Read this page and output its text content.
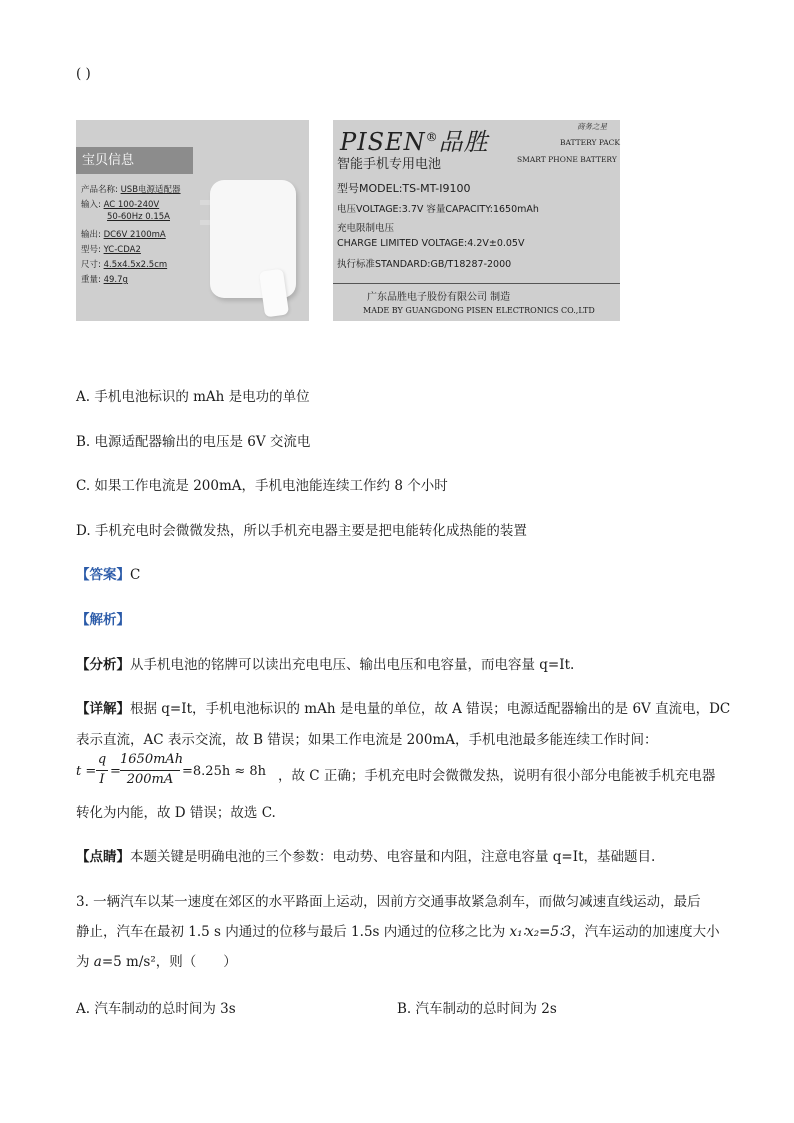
( )
宝贝信息
产品名称: USB电源适配器
输入: AC 100-240V
50-60Hz 0.15A
输出: DC6V 2100mA
型号: YC-CDA2
尺寸: 4.5x4.5x2.5cm
重量: 49.7g
PISEN®品胜
商务之星
BATTERY PACK
SMART PHONE BATTERY
智能手机专用电池
型号MODEL:TS-MT-I9100
电压VOLTAGE:3.7V 容量CAPACITY:1650mAh
充电限制电压
CHARGE LIMITED VOLTAGE:4.2V±0.05V
执行标准STANDARD:GB/T18287-2000
广东品胜电子股份有限公司 制造
MADE BY GUANGDONG PISEN ELECTRONICS CO.,LTD
A. 手机电池标识的 mAh 是电功的单位
B. 电源适配器输出的电压是 6V 交流电
C. 如果工作电流是 200mA，手机电池能连续工作约 8 个小时
D. 手机充电时会微微发热，所以手机充电器主要是把电能转化成热能的装置
【答案】C
【解析】
【分析】从手机电池的铭牌可以读出充电电压、输出电压和电容量，而电容量 q=It.
【详解】根据 q=It，手机电池标识的 mAh 是电量的单位，故 A 错误；电源适配器输出的是 6V 直流电，DC
表示直流，AC 表示交流，故 B 错误；如果工作电流是 200mA，手机电池最多能连续工作时间：
t =
q
I
=
1650mAh
200mA
=8.25h ≈ 8h ，故 C 正确；手机充电时会微微发热，说明有很小部分电能被手机充电器
转化为内能，故 D 错误；故选 C.
【点睛】本题关键是明确电池的三个参数：电动势、电容量和内阻，注意电容量 q=It，基础题目.
3. 一辆汽车以某一速度在郊区的水平路面上运动，因前方交通事故紧急刹车，而做匀减速直线运动，最后
静止，汽车在最初 1.5 s 内通过的位移与最后 1.5s 内通过的位移之比为 x₁∶x₂=5∶3，汽车运动的加速度大小
为 a=5 m/s²，则（　　）
A. 汽车制动的总时间为 3s	B. 汽车制动的总时间为 2s
